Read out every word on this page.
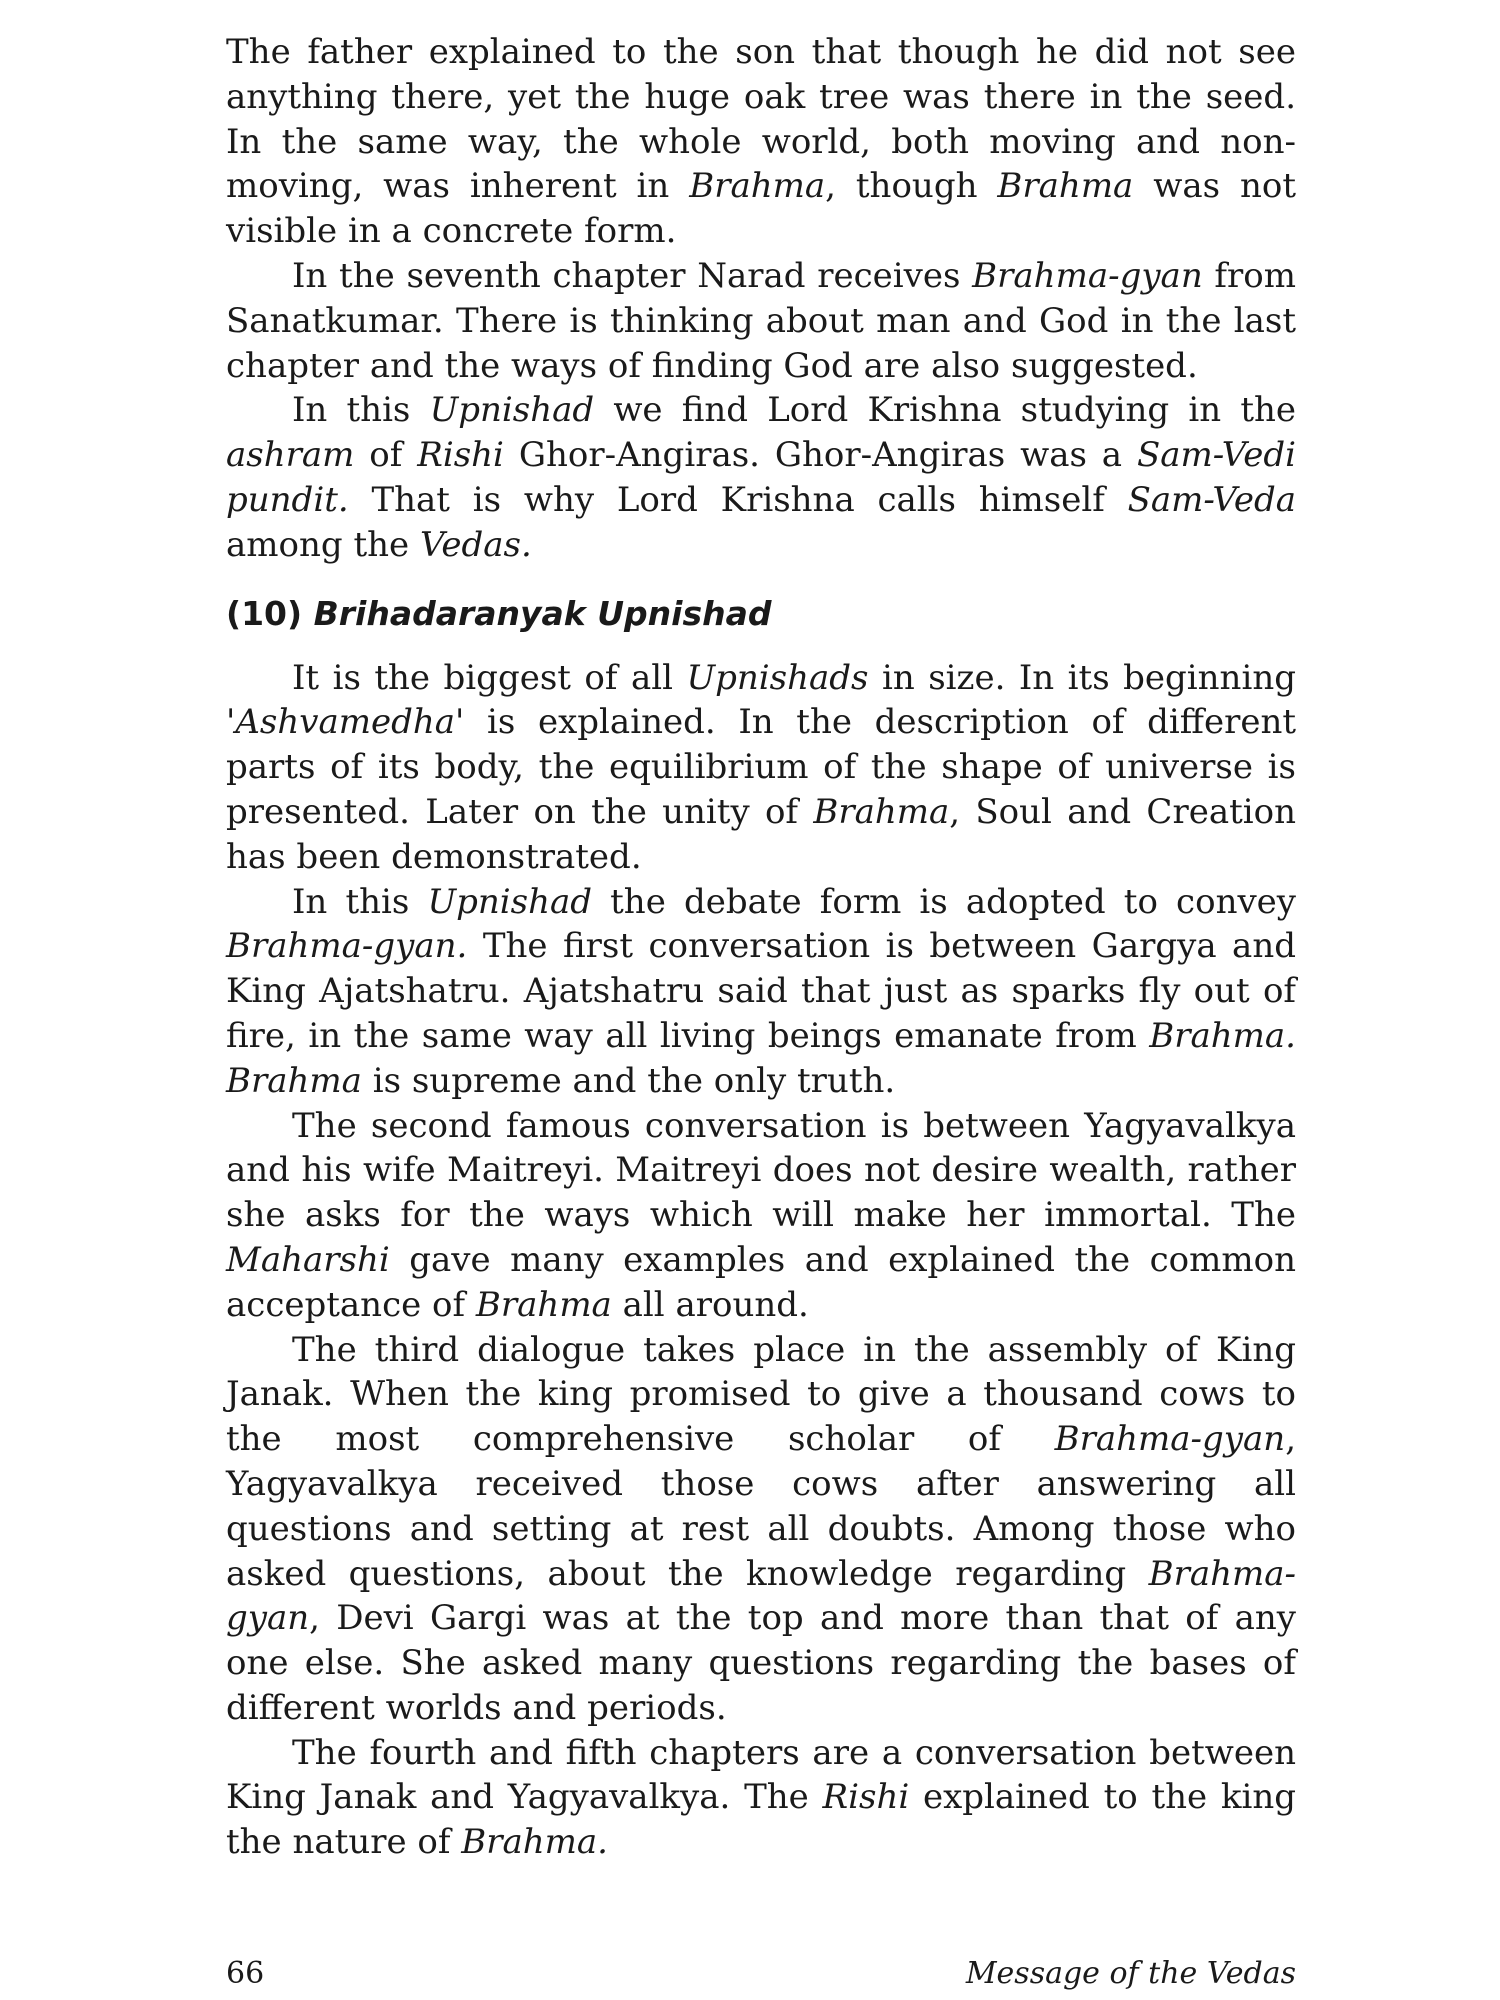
The father explained to the son that though he did not see anything there, yet the huge oak tree was there in the seed. In the same way, the whole world, both moving and non-moving, was inherent in Brahma, though Brahma was not visible in a concrete form.

In the seventh chapter Narad receives Brahma-gyan from Sanatkumar. There is thinking about man and God in the last chapter and the ways of finding God are also suggested.

In this Upnishad we find Lord Krishna studying in the ashram of Rishi Ghor-Angiras. Ghor-Angiras was a Sam-Vedi pundit. That is why Lord Krishna calls himself Sam-Veda among the Vedas.

(10) Brihadaranyak Upnishad

It is the biggest of all Upnishads in size. In its beginning 'Ashvamedha' is explained. In the description of different parts of its body, the equilibrium of the shape of universe is presented. Later on the unity of Brahma, Soul and Creation has been demonstrated.

In this Upnishad the debate form is adopted to convey Brahma-gyan. The first conversation is between Gargya and King Ajatshatru. Ajatshatru said that just as sparks fly out of fire, in the same way all living beings emanate from Brahma. Brahma is supreme and the only truth.

The second famous conversation is between Yagyavalkya and his wife Maitreyi. Maitreyi does not desire wealth, rather she asks for the ways which will make her immortal. The Maharshi gave many examples and explained the common acceptance of Brahma all around.

The third dialogue takes place in the assembly of King Janak. When the king promised to give a thousand cows to the most comprehensive scholar of Brahma-gyan, Yagyavalkya received those cows after answering all questions and setting at rest all doubts. Among those who asked questions, about the knowledge regarding Brahma-gyan, Devi Gargi was at the top and more than that of any one else. She asked many questions regarding the bases of different worlds and periods.

The fourth and fifth chapters are a conversation between King Janak and Yagyavalkya. The Rishi explained to the king the nature of Brahma.

66	Message of the Vedas
